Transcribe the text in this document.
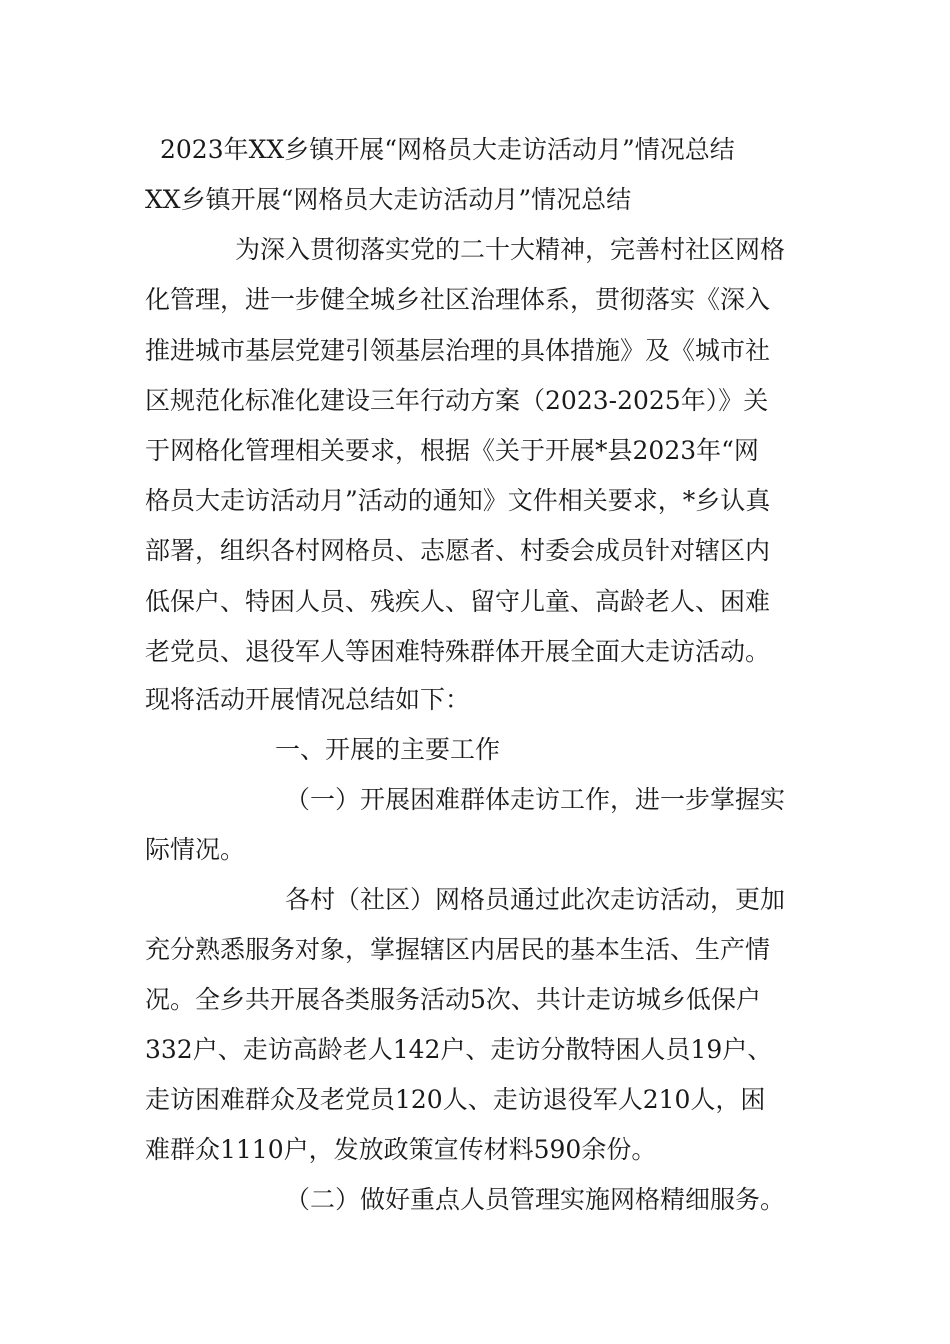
2023年XX乡镇开展“网格员大走访活动月”情况总结
XX乡镇开展“网格员大走访活动月”情况总结
为深入贯彻落实党的二十大精神，完善村社区网格
化管理，进一步健全城乡社区治理体系，贯彻落实《深入
推进城市基层党建引领基层治理的具体措施》及《城市社
区规范化标准化建设三年行动方案（2023-2025年）》关
于网格化管理相关要求，根据《关于开展*县2023年“网
格员大走访活动月”活动的通知》文件相关要求，*乡认真
部署，组织各村网格员、志愿者、村委会成员针对辖区内
低保户、特困人员、残疾人、留守儿童、高龄老人、困难
老党员、退役军人等困难特殊群体开展全面大走访活动。
现将活动开展情况总结如下：
一、开展的主要工作
（一）开展困难群体走访工作，进一步掌握实
际情况。
各村（社区）网格员通过此次走访活动，更加
充分熟悉服务对象，掌握辖区内居民的基本生活、生产情
况。全乡共开展各类服务活动5次、共计走访城乡低保户
332户、走访高龄老人142户、走访分散特困人员19户、
走访困难群众及老党员120人、走访退役军人210人，困
难群众1110户，发放政策宣传材料590余份。
（二）做好重点人员管理实施网格精细服务。
